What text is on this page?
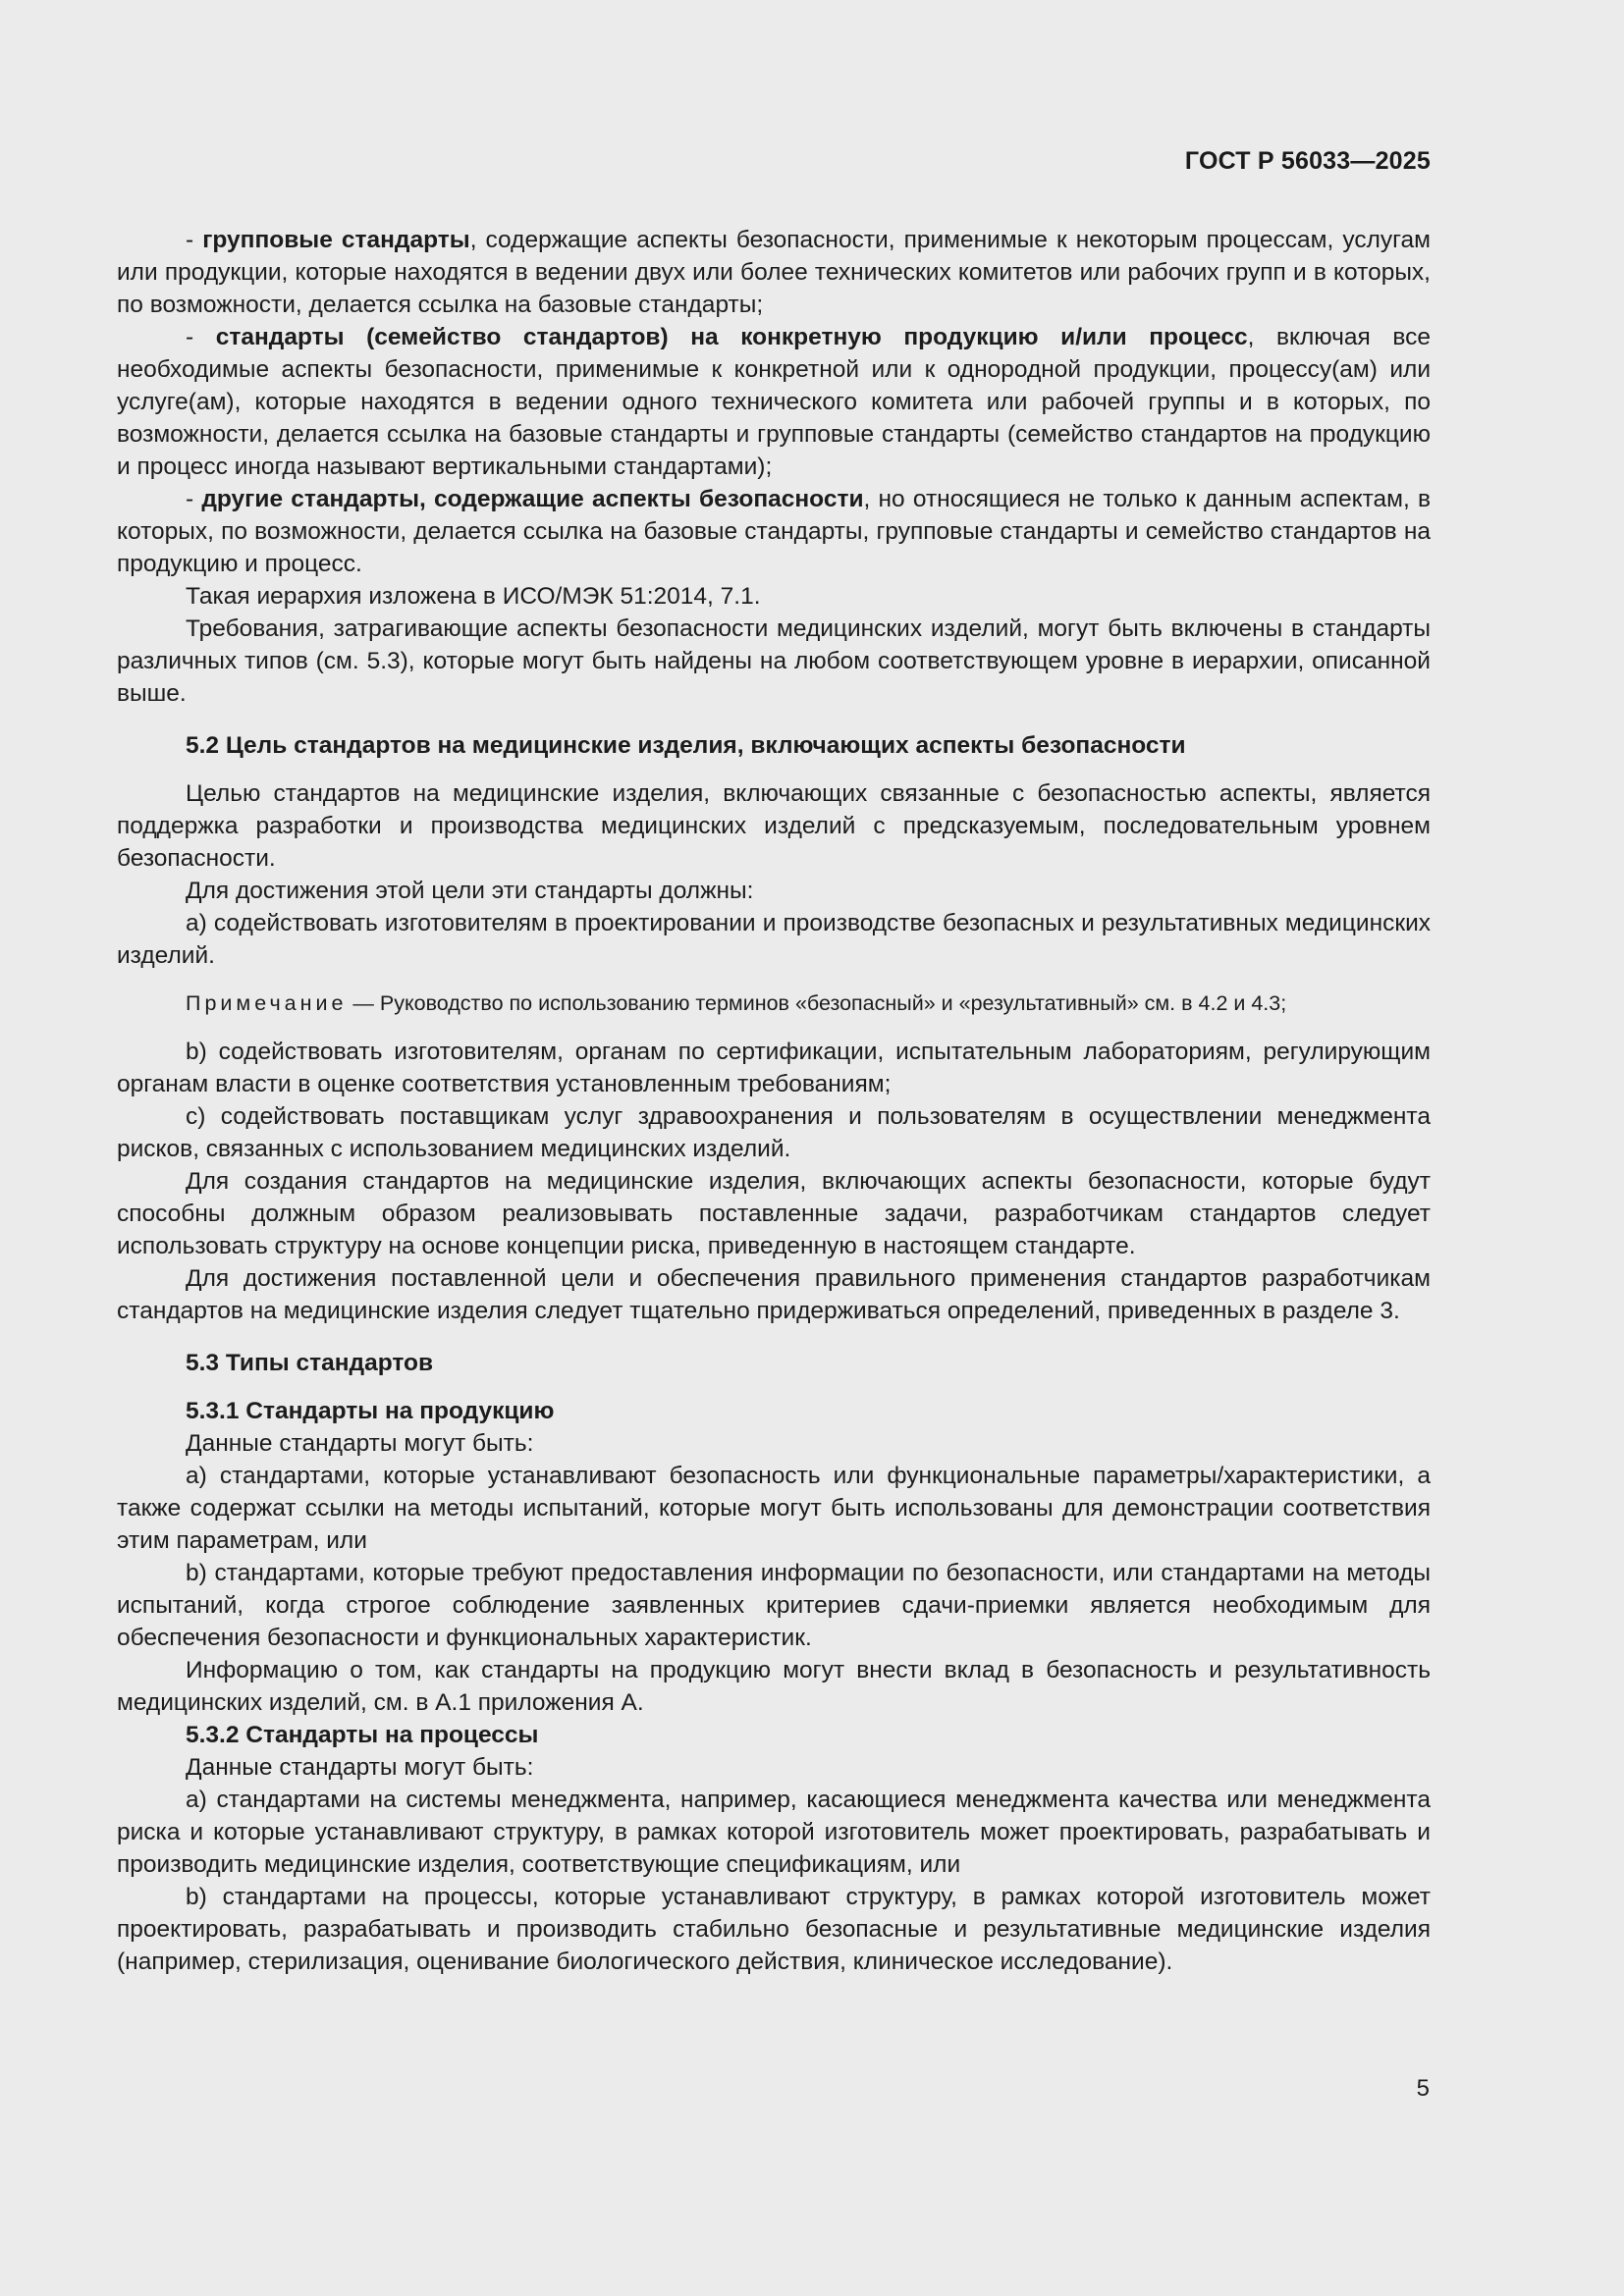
ГОСТ Р 56033—2025

- групповые стандарты, содержащие аспекты безопасности, применимые к некоторым процессам, услугам или продукции, которые находятся в ведении двух или более технических комитетов или рабочих групп и в которых, по возможности, делается ссылка на базовые стандарты;

- стандарты (семейство стандартов) на конкретную продукцию и/или процесс, включая все необходимые аспекты безопасности, применимые к конкретной или к однородной продукции, процессу(ам) или услуге(ам), которые находятся в ведении одного технического комитета или рабочей группы и в которых, по возможности, делается ссылка на базовые стандарты и групповые стандарты (семейство стандартов на продукцию и процесс иногда называют вертикальными стандартами);

- другие стандарты, содержащие аспекты безопасности, но относящиеся не только к данным аспектам, в которых, по возможности, делается ссылка на базовые стандарты, групповые стандарты и семейство стандартов на продукцию и процесс.

Такая иерархия изложена в ИСО/МЭК 51:2014, 7.1.

Требования, затрагивающие аспекты безопасности медицинских изделий, могут быть включены в стандарты различных типов (см. 5.3), которые могут быть найдены на любом соответствующем уровне в иерархии, описанной выше.

5.2 Цель стандартов на медицинские изделия, включающих аспекты безопасности

Целью стандартов на медицинские изделия, включающих связанные с безопасностью аспекты, является поддержка разработки и производства медицинских изделий с предсказуемым, последовательным уровнем безопасности.

Для достижения этой цели эти стандарты должны:

a) содействовать изготовителям в проектировании и производстве безопасных и результативных медицинских изделий.

Примечание — Руководство по использованию терминов «безопасный» и «результативный» см. в 4.2 и 4.3;

b) содействовать изготовителям, органам по сертификации, испытательным лабораториям, регулирующим органам власти в оценке соответствия установленным требованиям;

c) содействовать поставщикам услуг здравоохранения и пользователям в осуществлении менеджмента рисков, связанных с использованием медицинских изделий.

Для создания стандартов на медицинские изделия, включающих аспекты безопасности, которые будут способны должным образом реализовывать поставленные задачи, разработчикам стандартов следует использовать структуру на основе концепции риска, приведенную в настоящем стандарте.

Для достижения поставленной цели и обеспечения правильного применения стандартов разработчикам стандартов на медицинские изделия следует тщательно придерживаться определений, приведенных в разделе 3.

5.3 Типы стандартов
5.3.1 Стандарты на продукцию

Данные стандарты могут быть:

a) стандартами, которые устанавливают безопасность или функциональные параметры/характеристики, а также содержат ссылки на методы испытаний, которые могут быть использованы для демонстрации соответствия этим параметрам, или

b) стандартами, которые требуют предоставления информации по безопасности, или стандартами на методы испытаний, когда строгое соблюдение заявленных критериев сдачи-приемки является необходимым для обеспечения безопасности и функциональных характеристик.

Информацию о том, как стандарты на продукцию могут внести вклад в безопасность и результативность медицинских изделий, см. в А.1 приложения А.

5.3.2 Стандарты на процессы

Данные стандарты могут быть:

a) стандартами на системы менеджмента, например, касающиеся менеджмента качества или менеджмента риска и которые устанавливают структуру, в рамках которой изготовитель может проектировать, разрабатывать и производить медицинские изделия, соответствующие спецификациям, или

b) стандартами на процессы, которые устанавливают структуру, в рамках которой изготовитель может проектировать, разрабатывать и производить стабильно безопасные и результативные медицинские изделия (например, стерилизация, оценивание биологического действия, клиническое исследование).

5
